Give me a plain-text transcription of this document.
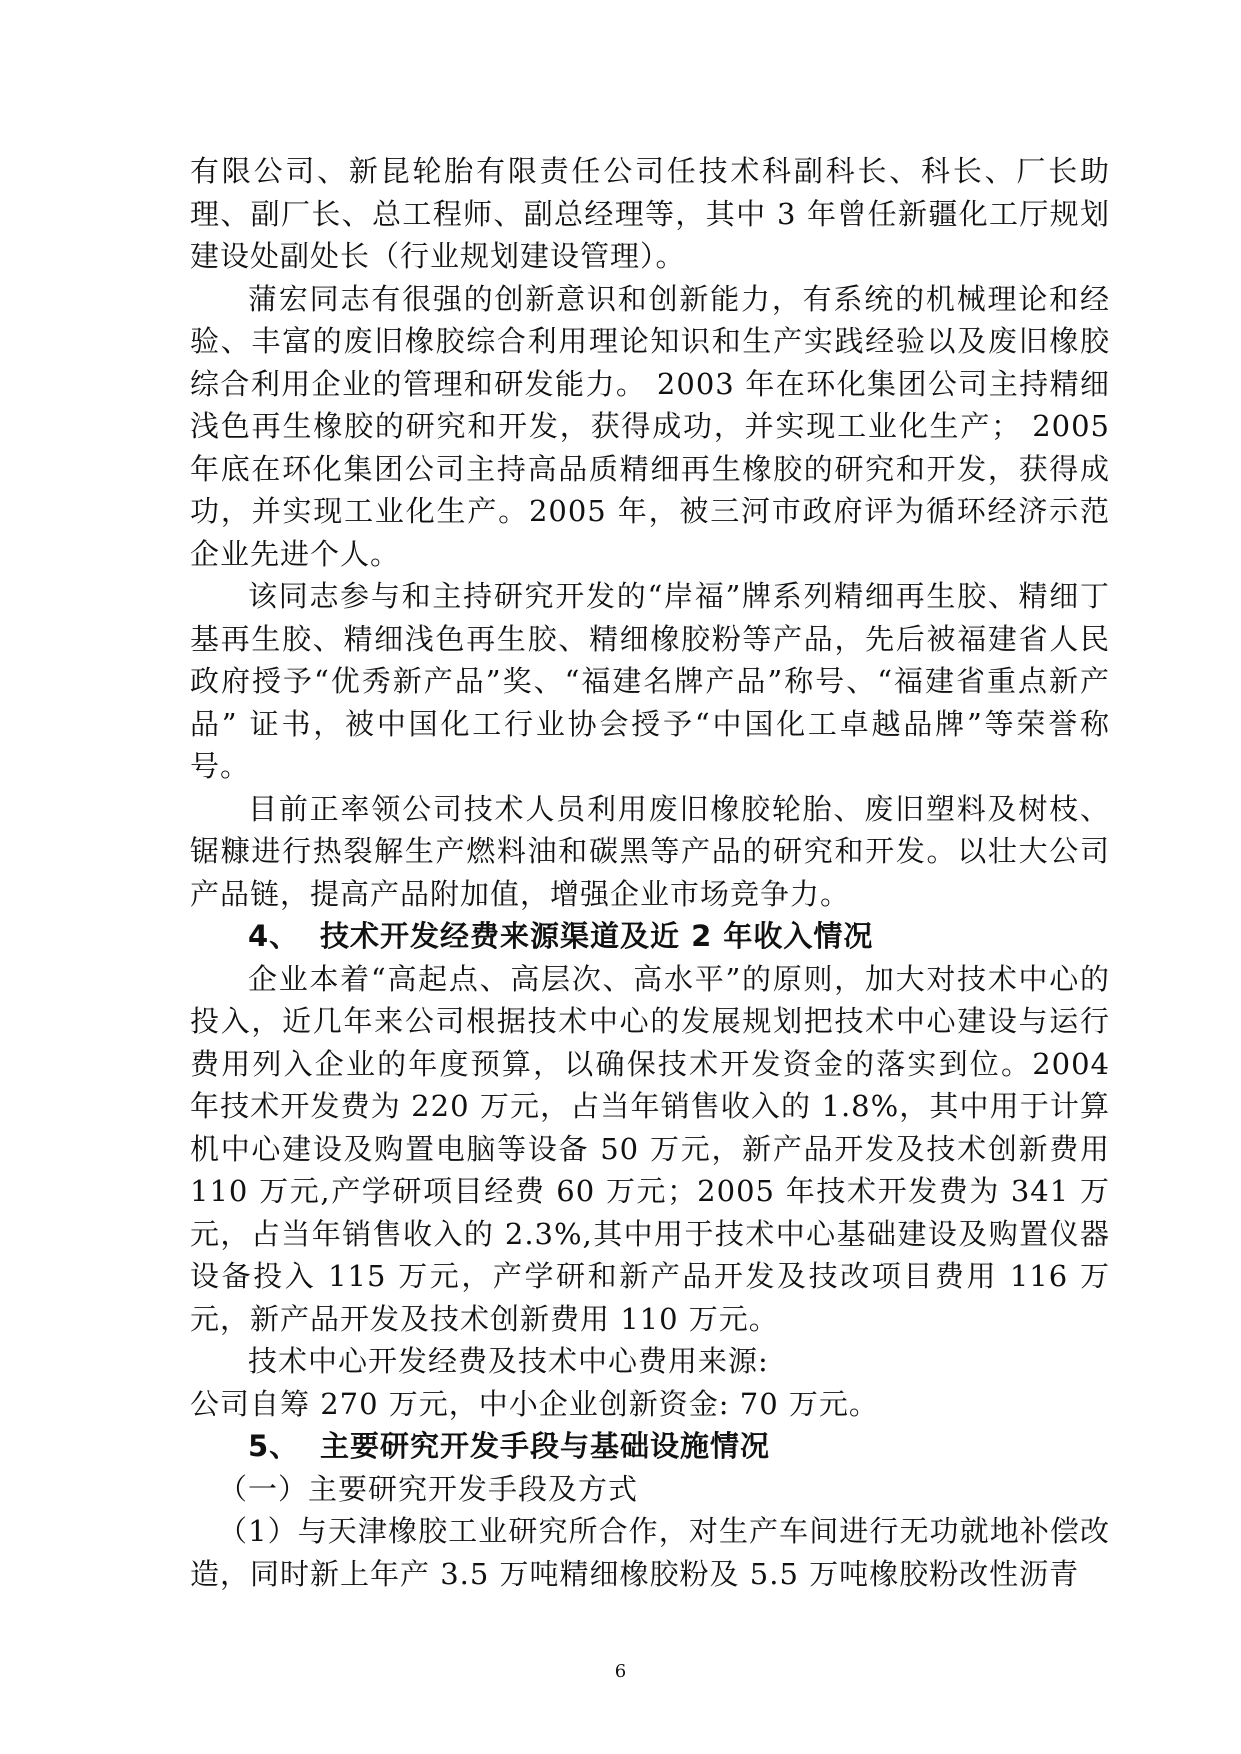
有限公司、新昆轮胎有限责任公司任技术科副科长、科长、厂长助理、副厂长、总工程师、副总经理等，其中 3 年曾任新疆化工厅规划建设处副处长（行业规划建设管理）。

蒲宏同志有很强的创新意识和创新能力，有系统的机械理论和经验、丰富的废旧橡胶综合利用理论知识和生产实践经验以及废旧橡胶综合利用企业的管理和研发能力。 2003 年在环化集团公司主持精细浅色再生橡胶的研究和开发，获得成功，并实现工业化生产； 2005 年底在环化集团公司主持高品质精细再生橡胶的研究和开发，获得成功，并实现工业化生产。2005 年，被三河市政府评为循环经济示范企业先进个人。

该同志参与和主持研究开发的“岸福”牌系列精细再生胶、精细丁基再生胶、精细浅色再生胶、精细橡胶粉等产品，先后被福建省人民政府授予“优秀新产品”奖、“福建名牌产品”称号、“福建省重点新产品” 证书，被中国化工行业协会授予“中国化工卓越品牌”等荣誉称号。

目前正率领公司技术人员利用废旧橡胶轮胎、废旧塑料及树枝、锯糠进行热裂解生产燃料油和碳黑等产品的研究和开发。以壮大公司产品链，提高产品附加值，增强企业市场竞争力。

4、 技术开发经费来源渠道及近 2 年收入情况

企业本着“高起点、高层次、高水平”的原则，加大对技术中心的投入，近几年来公司根据技术中心的发展规划把技术中心建设与运行费用列入企业的年度预算，以确保技术开发资金的落实到位。2004 年技术开发费为 220 万元，占当年销售收入的 1.8%，其中用于计算机中心建设及购置电脑等设备 50 万元，新产品开发及技术创新费用110 万元,产学研项目经费 60 万元；2005 年技术开发费为 341 万元，占当年销售收入的 2.3%,其中用于技术中心基础建设及购置仪器设备投入 115 万元，产学研和新产品开发及技改项目费用 116 万元，新产品开发及技术创新费用 110 万元。

技术中心开发经费及技术中心费用来源:

公司自筹 270 万元，中小企业创新资金: 70 万元。

5、 主要研究开发手段与基础设施情况

（一）主要研究开发手段及方式

（1）与天津橡胶工业研究所合作，对生产车间进行无功就地补偿改造，同时新上年产 3.5 万吨精细橡胶粉及 5.5 万吨橡胶粉改性沥青

6
